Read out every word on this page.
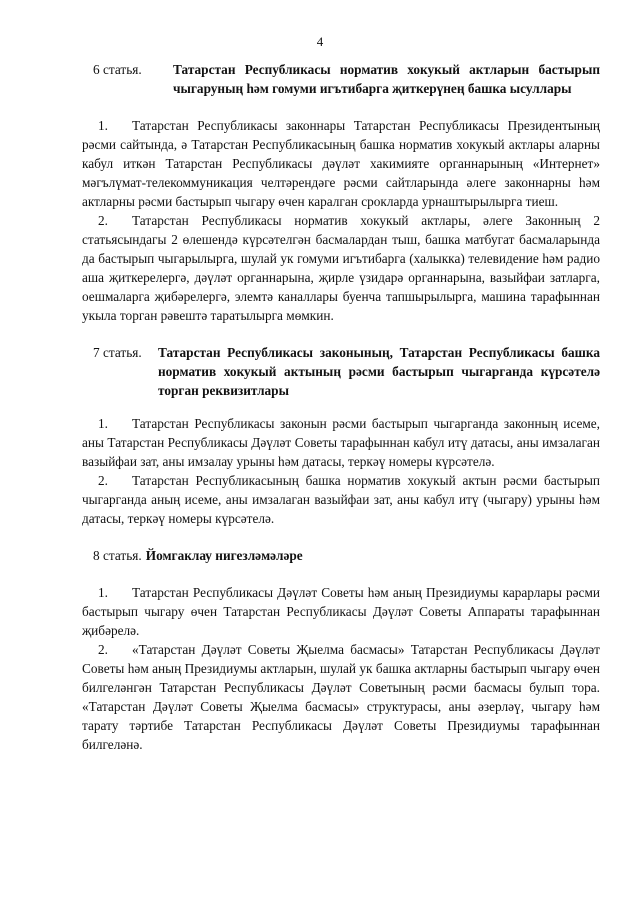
4
6 статья.	Татарстан Республикасы норматив хокукый актларын бастырып чыгаруның һәм гомуми игътибарга җиткерүнең башка ысуллары

1. Татарстан Республикасы законнары Татарстан Республикасы Президентының рәсми сайтында, ә Татарстан Республикасының башка норматив хокукый актлары аларны кабул иткән Татарстан Республикасы дәүләт хакимияте органнарының «Интернет» мәгълүмат-телекоммуникация челтәрендәге рәсми сайтларында әлеге законнарны һәм актларны рәсми бастырып чыгару өчен каралган срокларда урнаштырылырга тиеш.

2. Татарстан Республикасы норматив хокукый актлары, әлеге Законның 2 статьясындагы 2 өлешендә күрсәтелгән басмалардан тыш, башка матбугат басмаларында да бастырып чыгарылырга, шулай ук гомуми игътибарга (халыкка) телевидение һәм радио аша җиткерелергә, дәүләт органнарына, җирле үзидарә органнарына, вазыйфаи затларга, оешмаларга җибәрелергә, элемтә каналлары буенча тапшырылырга, машина тарафыннан укыла торган рәвештә таратылырга мөмкин.

7 статья.	Татарстан Республикасы законының, Татарстан Республикасы башка норматив хокукый актының рәсми бастырып чыгарганда күрсәтелә торган реквизитлары

1. Татарстан Республикасы законын рәсми бастырып чыгарганда законның исеме, аны Татарстан Республикасы Дәүләт Советы тарафыннан кабул итү датасы, аны имзалаган вазыйфаи зат, аны имзалау урыны һәм датасы, теркәү номеры күрсәтелә.

2. Татарстан Республикасының башка норматив хокукый актын рәсми бастырып чыгарганда аның исеме, аны имзалаган вазыйфаи зат, аны кабул итү (чыгару) урыны һәм датасы, теркәү номеры күрсәтелә.

8 статья. Йомгаклау нигезләмәләре

1. Татарстан Республикасы Дәүләт Советы һәм аның Президиумы карарлары рәсми бастырып чыгару өчен Татарстан Республикасы Дәүләт Советы Аппараты тарафыннан җибәрелә.

2. «Татарстан Дәүләт Советы Җыелма басмасы» Татарстан Республикасы Дәүләт Советы һәм аның Президиумы актларын, шулай ук башка актларны бастырып чыгару өчен билгеләнгән Татарстан Республикасы Дәүләт Советының рәсми басмасы булып тора. «Татарстан Дәүләт Советы Җыелма басмасы» структурасы, аны әзерләү, чыгару һәм тарату тәртибе Татарстан Республикасы Дәүләт Советы Президиумы тарафыннан билгеләнә.
